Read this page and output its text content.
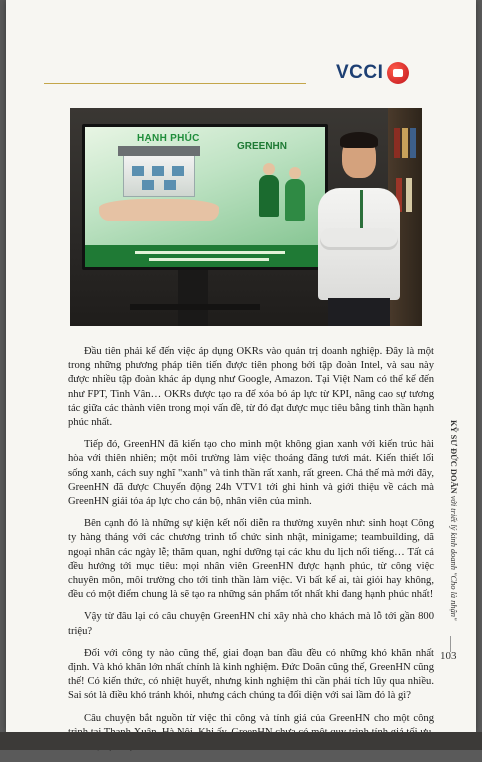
VCCI
HẠNH PHÚC
GREENHN

Đầu tiên phải kể đến việc áp dụng OKRs vào quản trị doanh nghiệp. Đây là một trong những phương pháp tiên tiến được tiên phong bởi tập đoàn Intel, và sau này được nhiều tập đoàn khác áp dụng như Google, Amazon. Tại Việt Nam có thể kể đến như FPT, Tinh Vân… OKRs được tạo ra để xóa bỏ áp lực từ KPI, nâng cao sự tương tác giữa các thành viên trong mọi vấn đề, từ đó đạt được mục tiêu bằng tinh thần hạnh phúc nhất.

Tiếp đó, GreenHN đã kiến tạo cho mình một không gian xanh với kiến trúc hài hòa với thiên nhiên; một môi trường làm việc thoáng đãng tươi mát. Kiến thiết lối sống xanh, cách suy nghĩ "xanh" và tinh thần rất xanh, rất green. Chả thế mà mới đây, GreenHN đã được Chuyển động 24h VTV1 tới ghi hình và giới thiệu về cách mà GreenHN giải tỏa áp lực cho cán bộ, nhân viên của mình.

Bên cạnh đó là những sự kiện kết nối diễn ra thường xuyên như: sinh hoạt Công ty hàng tháng với các chương trình tổ chức sinh nhật, minigame; teambuilding, dã ngoại nhân các ngày lễ; thăm quan, nghỉ dưỡng tại các khu du lịch nổi tiếng… Tất cả đều hướng tới mục tiêu: mọi nhân viên GreenHN được hạnh phúc, từ công việc chuyên môn, môi trường cho tới tinh thần làm việc. Vì bất kể ai, tài giỏi hay không, đều có một điểm chung là sẽ tạo ra những sản phẩm tốt nhất khi đang hạnh phúc nhất!

Vậy từ đâu lại có câu chuyện GreenHN chỉ xây nhà cho khách mà lỗ tới gần 800 triệu?

Đối với công ty nào cũng thế, giai đoạn ban đầu đều có những khó khăn nhất định. Và khó khăn lớn nhất chính là kinh nghiệm. Đức Doãn cũng thế, GreenHN cũng thế! Có kiến thức, có nhiệt huyết, nhưng kinh nghiệm thì cần phải tích lũy qua nhiều. Sai sót là điều khó tránh khỏi, nhưng cách chúng ta đối diện với sai lầm đó là gì?

Câu chuyện bắt nguồn từ việc thi công và tính giá của GreenHN cho một công

KỸ SƯ ĐỨC DOÃN với triết lý kinh doanh "Cho là nhận"
103
